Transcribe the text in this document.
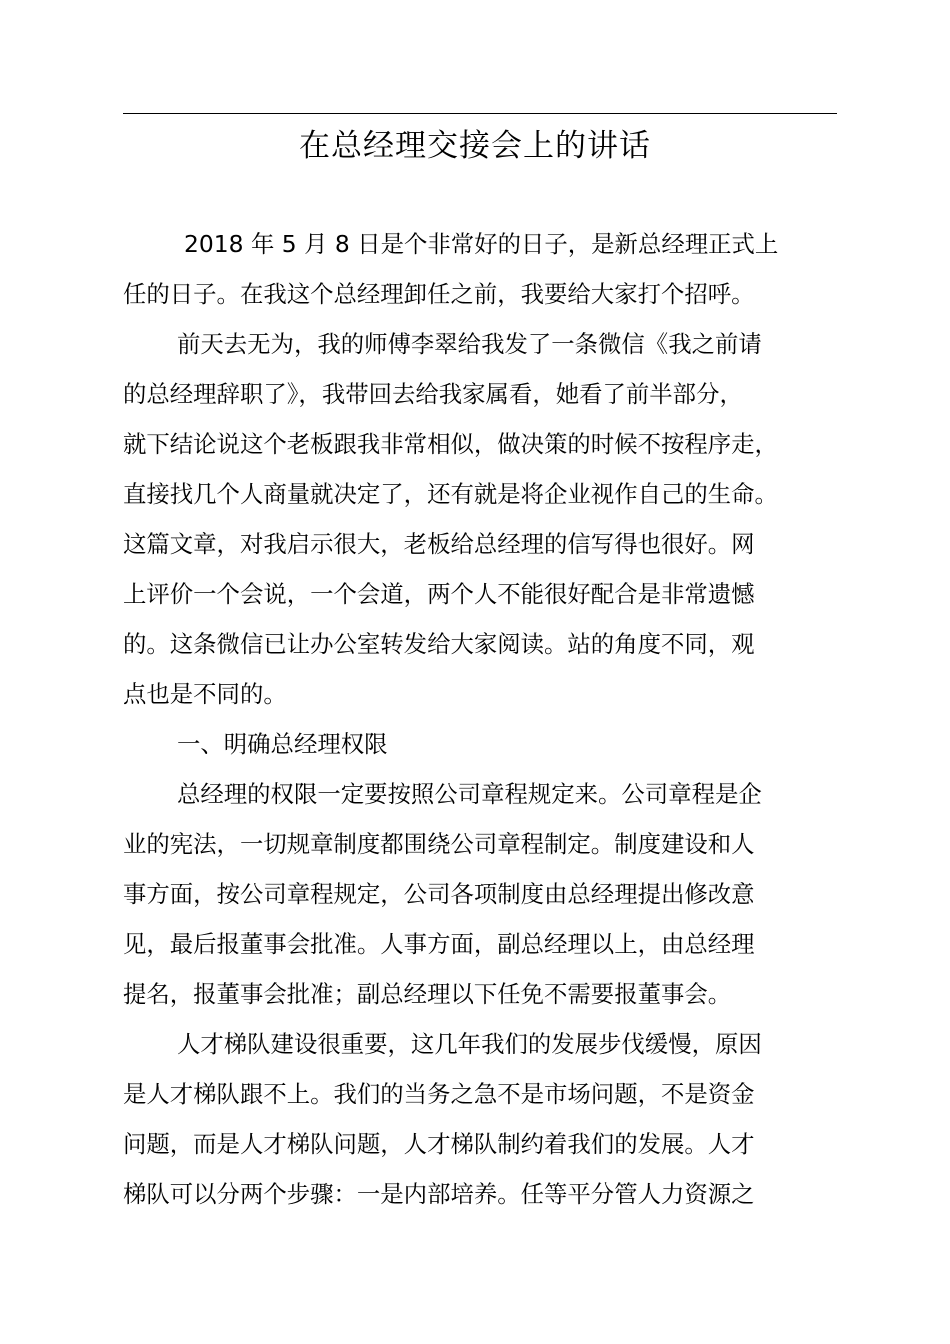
在总经理交接会上的讲话
2018 年 5 月 8 日是个非常好的日子，是新总经理正式上
任的日子。在我这个总经理卸任之前，我要给大家打个招呼。
前天去无为，我的师傅李翠给我发了一条微信《我之前请
的总经理辞职了》，我带回去给我家属看，她看了前半部分，
就下结论说这个老板跟我非常相似，做决策的时候不按程序走，
直接找几个人商量就决定了，还有就是将企业视作自己的生命。
这篇文章，对我启示很大，老板给总经理的信写得也很好。网
上评价一个会说，一个会道，两个人不能很好配合是非常遗憾
的。这条微信已让办公室转发给大家阅读。站的角度不同，观
点也是不同的。
一、明确总经理权限
总经理的权限一定要按照公司章程规定来。公司章程是企
业的宪法，一切规章制度都围绕公司章程制定。制度建设和人
事方面，按公司章程规定，公司各项制度由总经理提出修改意
见，最后报董事会批准。人事方面，副总经理以上，由总经理
提名，报董事会批准；副总经理以下任免不需要报董事会。
人才梯队建设很重要，这几年我们的发展步伐缓慢，原因
是人才梯队跟不上。我们的当务之急不是市场问题，不是资金
问题，而是人才梯队问题，人才梯队制约着我们的发展。人才
梯队可以分两个步骤：一是内部培养。任等平分管人力资源之
